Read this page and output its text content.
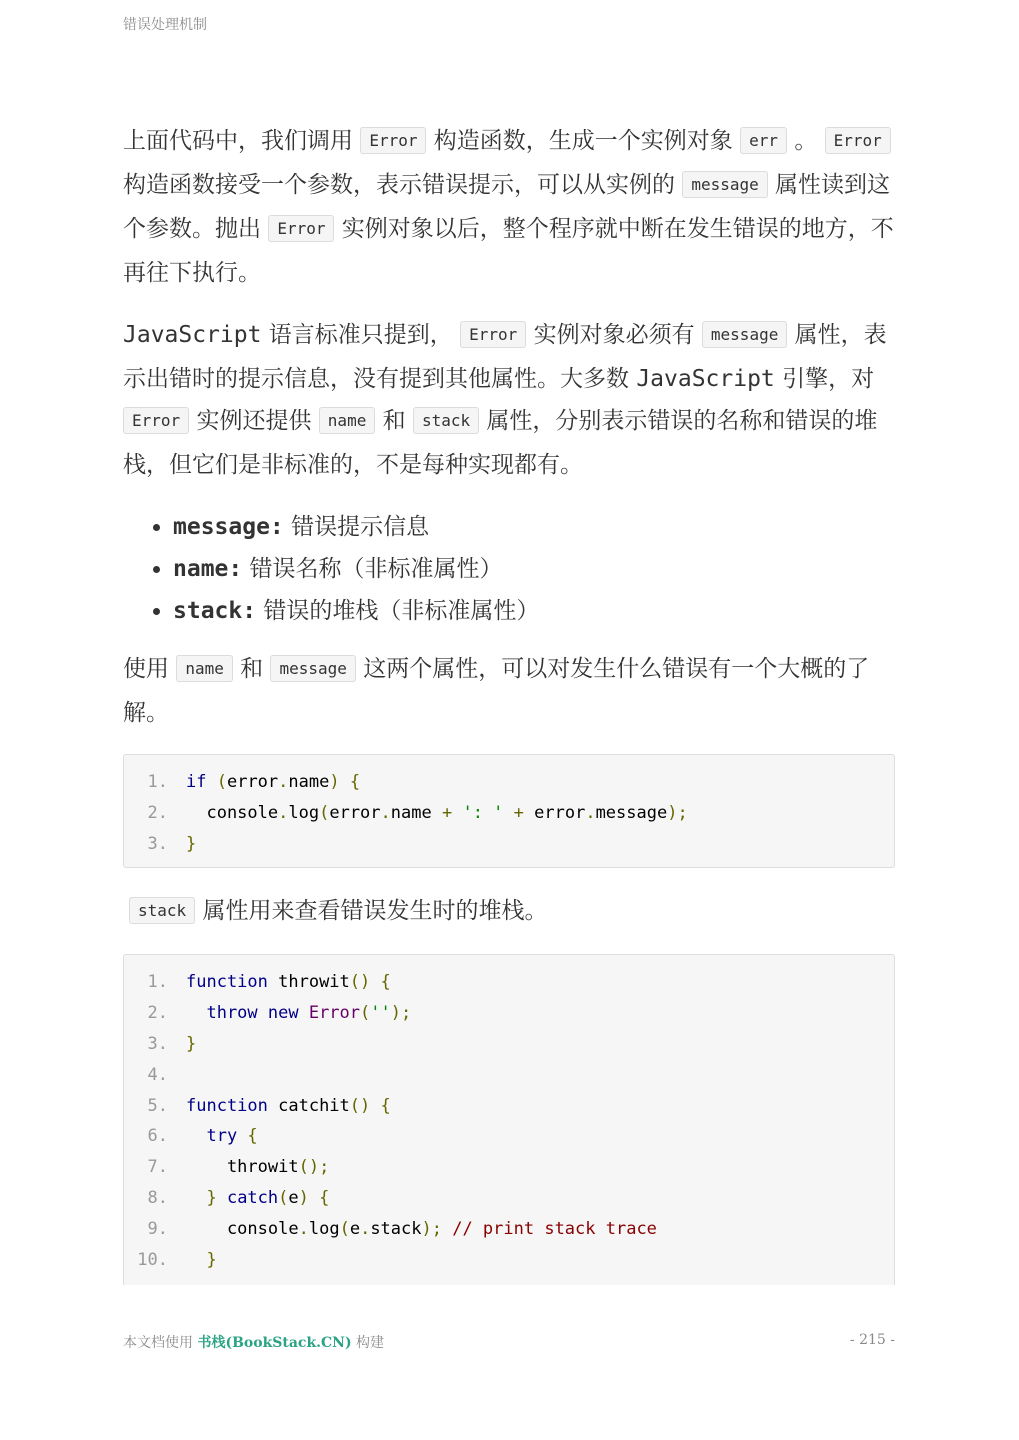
错误处理机制

上面代码中，我们调用 Error 构造函数，生成一个实例对象 err 。 Error 构造函数接受一个参数，表示错误提示，可以从实例的 message 属性读到这个参数。抛出 Error 实例对象以后，整个程序就中断在发生错误的地方，不再往下执行。

JavaScript 语言标准只提到， Error 实例对象必须有 message 属性，表示出错时的提示信息，没有提到其他属性。大多数 JavaScript 引擎，对 Error 实例还提供 name 和 stack 属性，分别表示错误的名称和错误的堆栈，但它们是非标准的，不是每种实现都有。

• message: 错误提示信息
• name: 错误名称（非标准属性）
• stack: 错误的堆栈（非标准属性）

使用 name 和 message 这两个属性，可以对发生什么错误有一个大概的了解。

1.	if (error.name) {
2.	console.log(error.name + ': ' + error.message);
3.	}

stack 属性用来查看错误发生时的堆栈。

1.	function throwit() {
2.	throw new Error('');
3.	}
4.
5.	function catchit() {
6.	try {
7.	throwit();
8.	} catch(e) {
9.	console.log(e.stack); // print stack trace
10.	}
本文档使用 书栈(BookStack.CN) 构建	- 215 -
